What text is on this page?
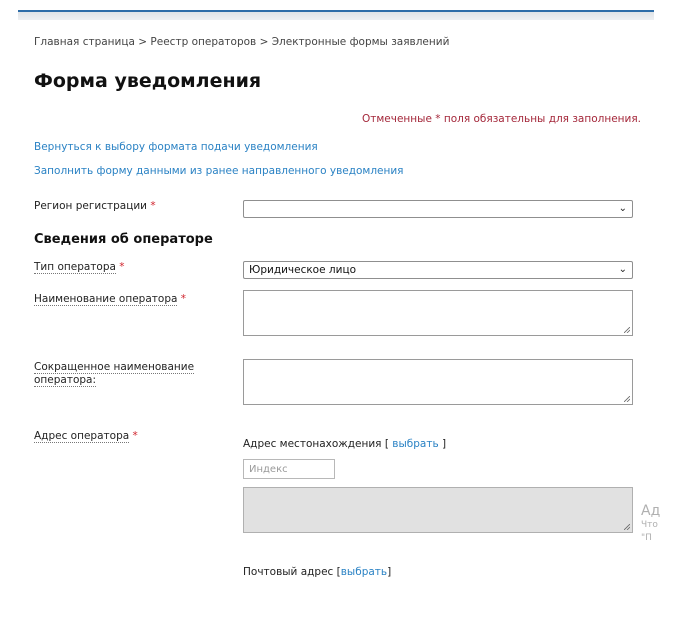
Главная страница > Реестр операторов > Электронные формы заявлений
Форма уведомления
Отмеченные * поля обязательны для заполнения.
Вернуться к выбору формата подачи уведомления
Заполнить форму данными из ранее направленного уведомления
Регион регистрации *	⌄
Сведения об операторе
Тип оператора *	Юридическое лицо	⌄
Наименование оператора *
Сокращенное наименование
оператора:
Адрес оператора *
Адрес местонахождения [ выбрать ]
Индекс
Ад
Что
"П
Почтовый адрес [выбрать]
